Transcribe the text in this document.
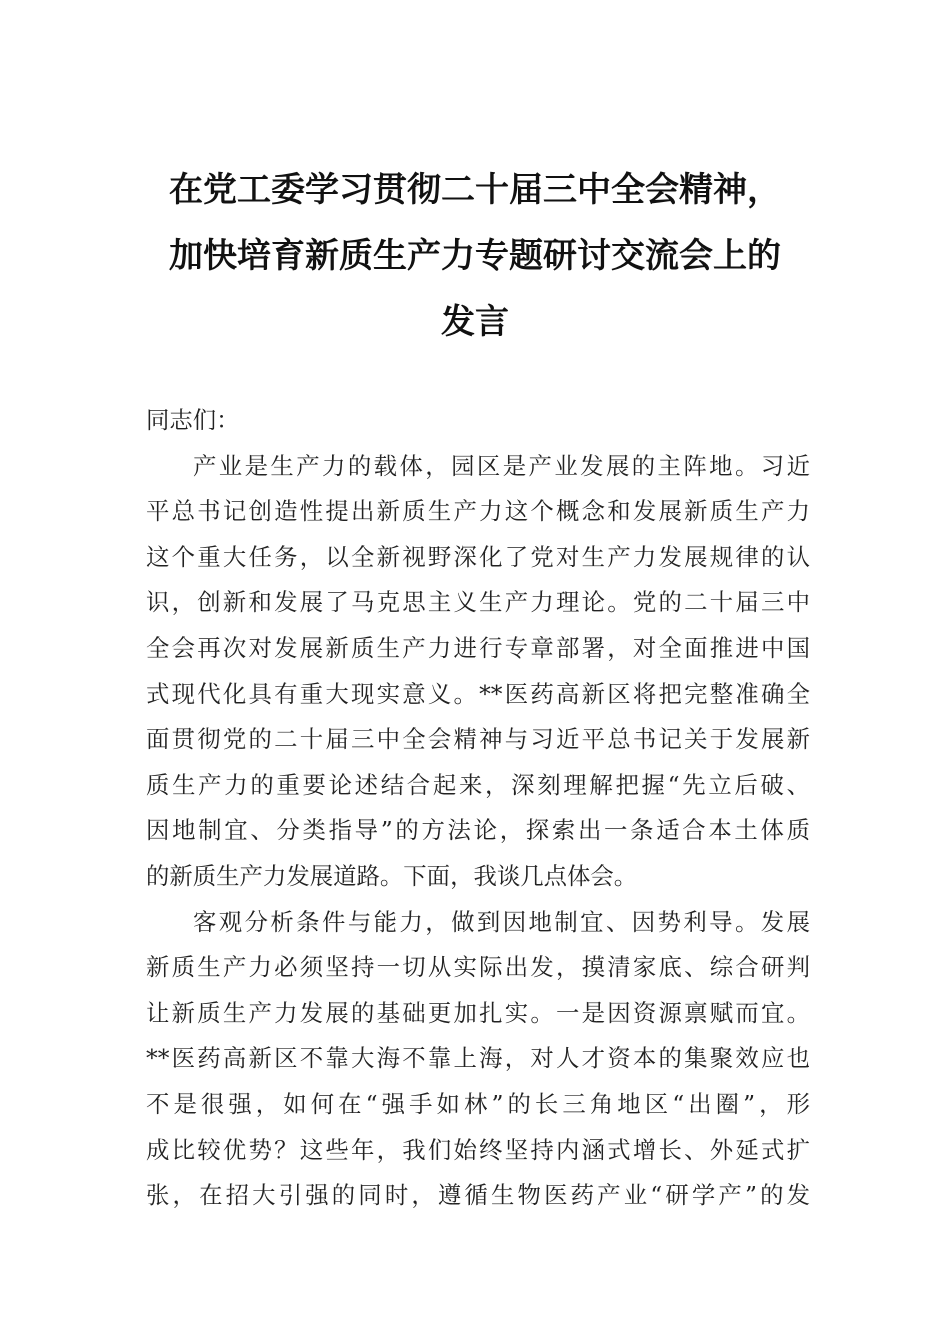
在党工委学习贯彻二十届三中全会精神，
加快培育新质生产力专题研讨交流会上的
发言
同志们：
产业是生产力的载体，园区是产业发展的主阵地。习近
平总书记创造性提出新质生产力这个概念和发展新质生产力
这个重大任务，以全新视野深化了党对生产力发展规律的认
识，创新和发展了马克思主义生产力理论。党的二十届三中
全会再次对发展新质生产力进行专章部署，对全面推进中国
式现代化具有重大现实意义。**医药高新区将把完整准确全
面贯彻党的二十届三中全会精神与习近平总书记关于发展新
质生产力的重要论述结合起来，深刻理解把握“先立后破、
因地制宜、分类指导”的方法论，探索出一条适合本土体质
的新质生产力发展道路。下面，我谈几点体会。
客观分析条件与能力，做到因地制宜、因势利导。发展
新质生产力必须坚持一切从实际出发，摸清家底、综合研判
让新质生产力发展的基础更加扎实。一是因资源禀赋而宜。
**医药高新区不靠大海不靠上海，对人才资本的集聚效应也
不是很强，如何在“强手如林”的长三角地区“出圈”，形
成比较优势？这些年，我们始终坚持内涵式增长、外延式扩
张，在招大引强的同时，遵循生物医药产业“研学产”的发
